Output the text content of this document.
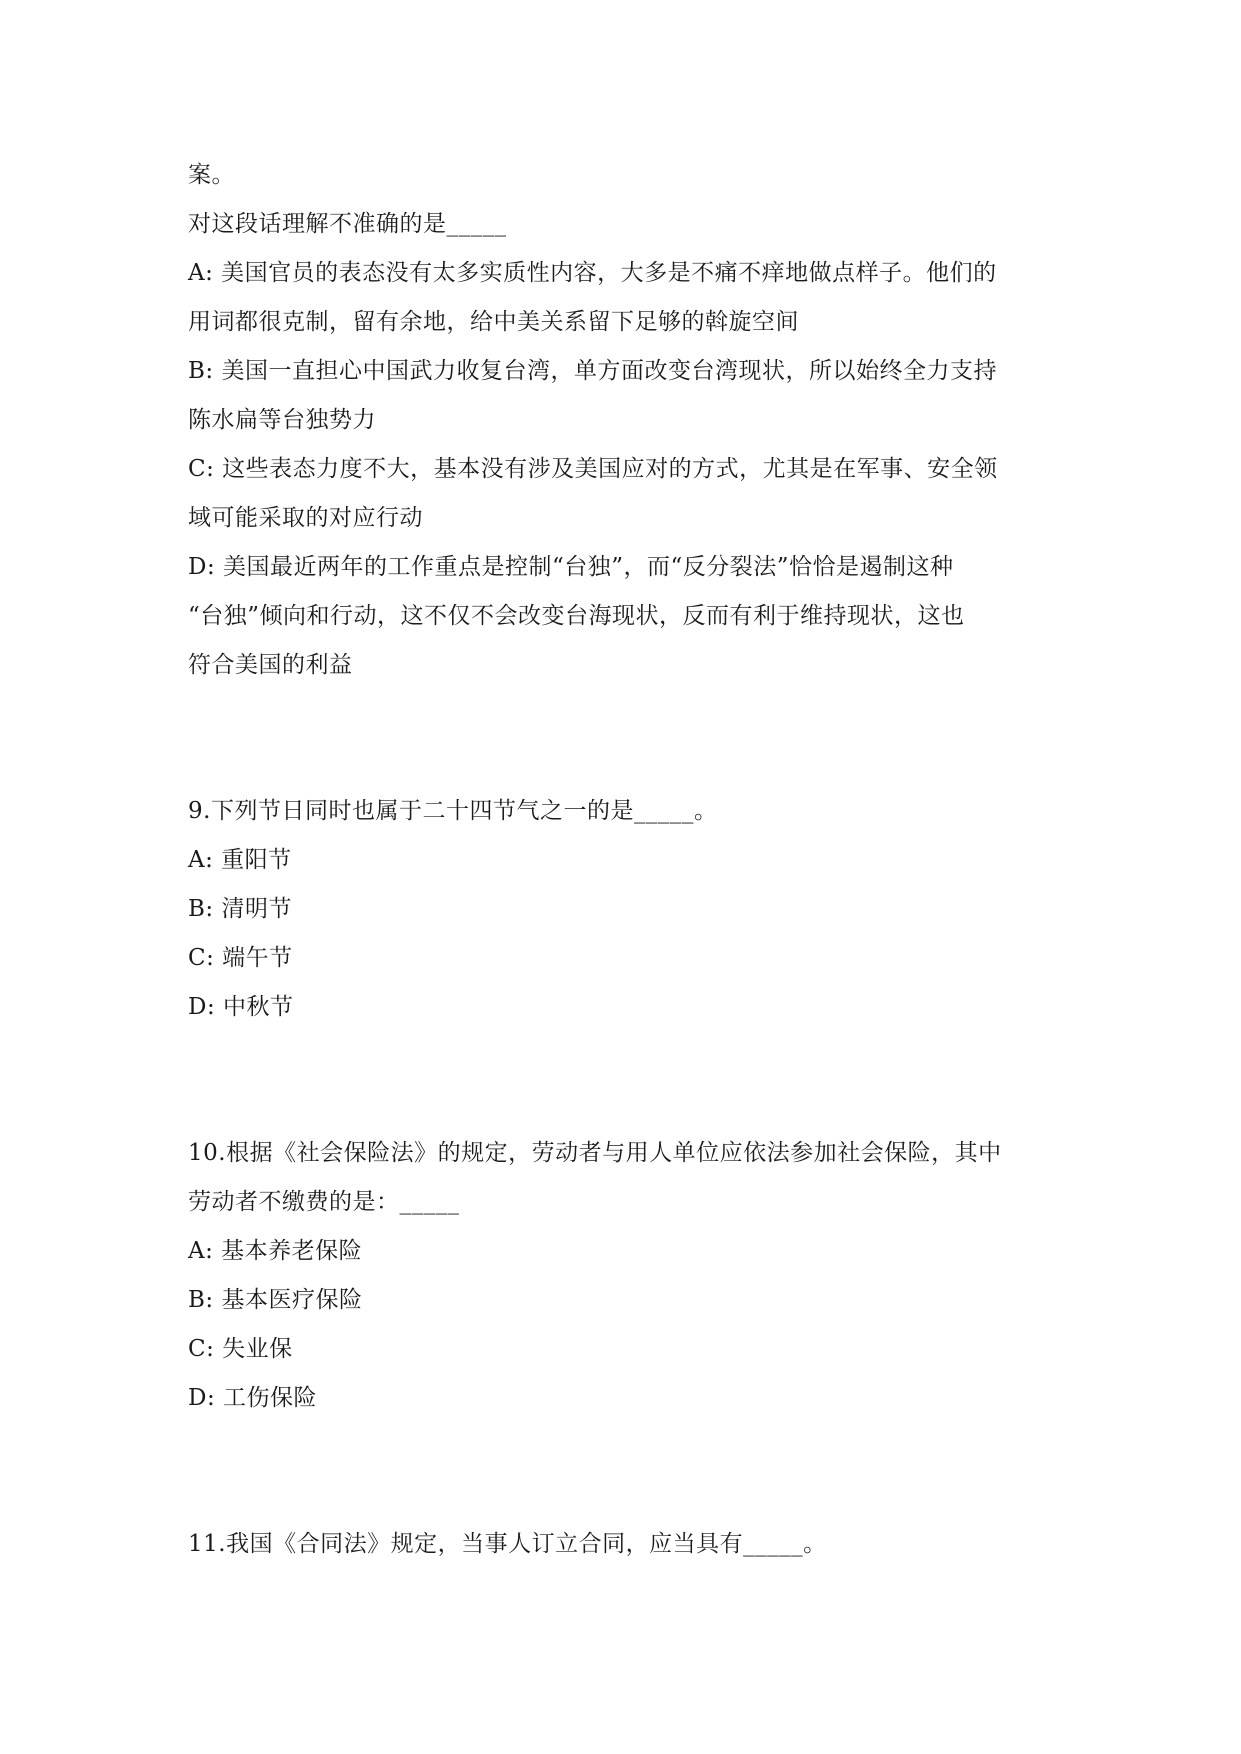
案。
对这段话理解不准确的是_____
A: 美国官员的表态没有太多实质性内容，大多是不痛不痒地做点样子。他们的
用词都很克制，留有余地，给中美关系留下足够的斡旋空间
B: 美国一直担心中国武力收复台湾，单方面改变台湾现状，所以始终全力支持
陈水扁等台独势力
C: 这些表态力度不大，基本没有涉及美国应对的方式，尤其是在军事、安全领
域可能采取的对应行动
D: 美国最近两年的工作重点是控制“台独”，而“反分裂法”恰恰是遏制这种
“台独”倾向和行动，这不仅不会改变台海现状，反而有利于维持现状，这也
符合美国的利益
9.下列节日同时也属于二十四节气之一的是_____。
A: 重阳节
B: 清明节
C: 端午节
D: 中秋节
10.根据《社会保险法》的规定，劳动者与用人单位应依法参加社会保险，其中
劳动者不缴费的是：_____
A: 基本养老保险
B: 基本医疗保险
C: 失业保
D: 工伤保险
11.我国《合同法》规定，当事人订立合同，应当具有_____。
